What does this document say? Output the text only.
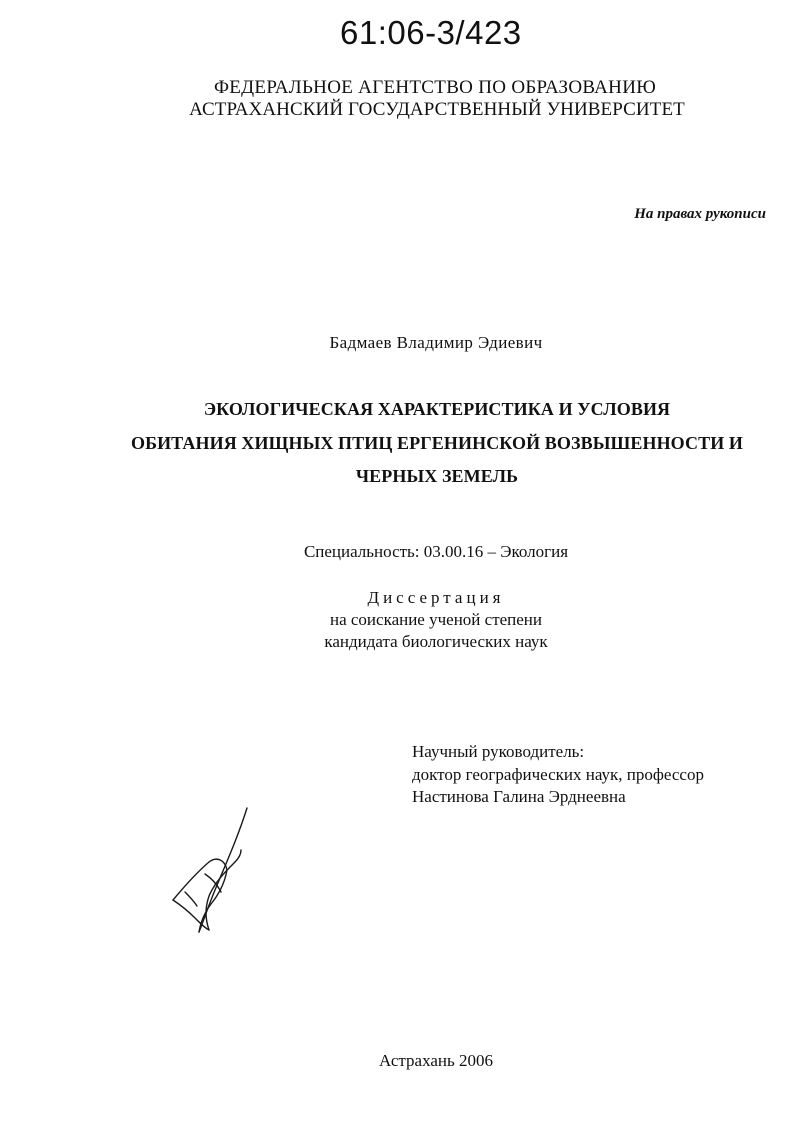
61:06-3/423
ФЕДЕРАЛЬНОЕ АГЕНТСТВО ПО ОБРАЗОВАНИЮ
АСТРАХАНСКИЙ ГОСУДАРСТВЕННЫЙ УНИВЕРСИТЕТ
На правах рукописи
Бадмаев Владимир Эдиевич
ЭКОЛОГИЧЕСКАЯ ХАРАКТЕРИСТИКА И УСЛОВИЯ
ОБИТАНИЯ ХИЩНЫХ ПТИЦ ЕРГЕНИНСКОЙ ВОЗВЫШЕННОСТИ И
ЧЕРНЫХ ЗЕМЕЛЬ
Специальность: 03.00.16 – Экология
Диссертация
на соискание ученой степени
кандидата биологических наук
Научный руководитель:
доктор географических наук, профессор
Настинова Галина Эрднеевна
Астрахань 2006
